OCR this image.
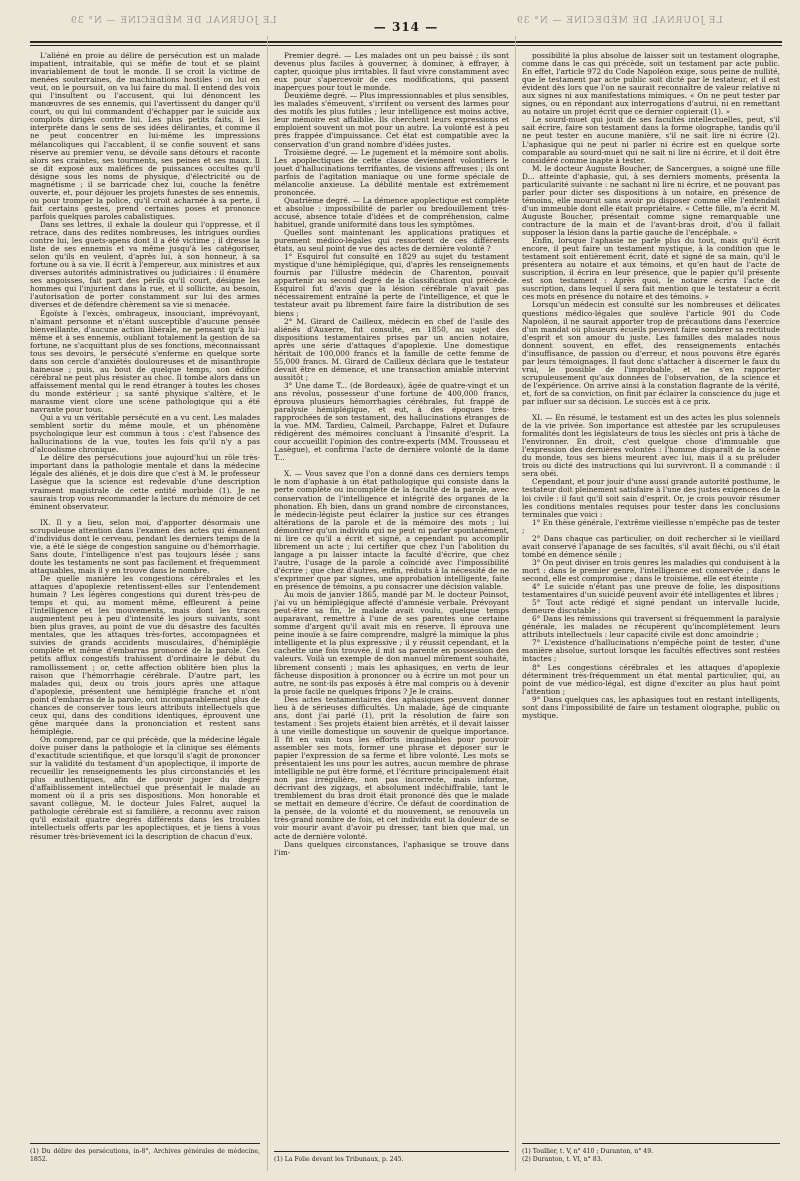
LE JOURNAL DE MÉDECINE — N° 39	— 314 —	LE JOURNAL DE MÉDECINE — N° 39

L'aliéné en proie au délire de persécution est un malade impatient, intraitable, qui se méfie de tout et se plaint invariablement de tout le monde. Il se croit la victime de menées souterraines, de machinations hostiles : on lui en veut, on le poursuit, on va lui faire du mal. Il entend des voix qui l'insultent ou l'accusent, qui lui dénoncent les manœuvres de ses ennemis, qui l'avertissent du danger qu'il court, ou qui lui commandent d'échapper par le suicide aux complots dirigés contre lui. Les plus petits faits, il les interprète dans le sens de ses idées délirantes, et comme il ne peut concentrer en lui-même les impressions mélancoliques qui l'accablent, il se confie souvent et sans réserve au premier venu, se dévoile sans détours et raconte alors ses craintes, ses tourments, ses peines et ses maux. Il se dit exposé aux maléfices de puissances occultes qu'il désigne sous les noms de physique, d'électricité ou de magnétisme ; il se barricade chez lui, couche la fenêtre ouverte, et, pour déjouer les projets funestes de ses ennemis, ou pour tromper la police, qu'il croit acharnée à sa perte, il fait certains gestes, prend certaines poses et prononce parfois quelques paroles cabalistiques.

Dans ses lettres, il exhale la douleur qui l'oppresse, et il retrace, dans des redites nombreuses, les intrigues ourdies contre lui, les guets-apens dont il a été victime ; il dresse la liste de ses ennemis et va même jusqu'à les catégoriser, selon qu'ils en veulent, d'après lui, à son honneur, à sa fortune ou à sa vie. Il écrit à l'empereur, aux ministres et aux diverses autorités administratives ou judiciaires : il énumère ses angoisses, fait part des périls qu'il court, désigne les hommes qui l'injurient dans la rue, et il sollicite, au besoin, l'autorisation de porter constamment sur lui des armes diverses et de défendre chèrement sa vie si menacée.

Égoïste à l'excès, ombrageux, insouciant, imprévoyant, n'aimant personne et n'étant susceptible d'aucune pensée bienveillante, d'aucune action libérale, ne pensant qu'à lui-même et à ses ennemis, oubliant totalement la gestion de sa fortune, ne s'acquittant plus de ses fonctions, méconnaissant tous ses devoirs, le persécuté s'enferme en quelque sorte dans son cercle d'anxiétés douloureuses et de misanthropie haineuse ; puis, au bout de quelque temps, son édifice cérébral ne peut plus résister au choc. Il tombe alors dans un affaissement mental qui le rend étranger à toutes les choses du monde extérieur ; sa santé physique s'altère, et le marasme vient clore une scène pathologique qui a été navrante pour tous.

Qui a vu un véritable persécuté en a vu cent. Les malades semblent sortir du même moule, et un phénomène psychologique leur est commun à tous : c'est l'absence des hallucinations de la vue, toutes les fois qu'il n'y a pas d'alcoolisme chronique.

Le délire des persécutions joue aujourd'hui un rôle très-important dans la pathologie mentale et dans la médecine légale des aliénés, et je dois dire que c'est à M. le professeur Lasègue que la science est redevable d'une description vraiment magistrale de cette entité morbide (1). Je ne saurais trop vous recommander la lecture du mémoire de cet éminent observateur.

IX. Il y a lieu, selon moi, d'apporter désormais une scrupuleuse attention dans l'examen des actes qui émanent d'individus dont le cerveau, pendant les derniers temps de la vie, a été le siége de congestion sanguine ou d'hémorrhagie. Sans doute, l'intelligence n'est pas toujours lésée ; sans doute les testaments ne sont pas facilement et fréquemment attaquables, mais il y en trouve dans le nombre.

De quelle manière les congestions cérébrales et les attaques d'apoplexie retentissent-elles sur l'entendement humain ? Les légères congestions qui durent très-peu de temps et qui, au moment même, effleurent à peine l'intelligence et les mouvements, mais dont les traces augmentent peu à peu d'intensité les jours suivants, sont bien plus graves, au point de vue du désastre des facultés mentales, que les attaques très-fortes, accompagnées et suivies de grands accidents musculaires, d'hémiplégie complète et même d'embarras prononcé de la parole. Ces petits afflux congestifs trahissent d'ordinaire le début du ramollissement ; or, cette affection oblitère bien plus la raison que l'hémorrhagie cérébrale. D'autre part, les malades qui, deux ou trois jours après une attaque d'apoplexie, présentent une hémiplégie franche et n'ont point d'embarras de la parole, ont incomparablement plus de chances de conserver tous leurs attributs intellectuels que ceux qui, dans des conditions identiques, éprouvent une gêne marquée dans la prononciation et restent sans hémiplégie.

On comprend, par ce qui précède, que la médecine légale doive puiser dans la pathologie et la clinique ses éléments d'exactitude scientifique, et que lorsqu'il s'agit de prononcer sur la validité du testament d'un apoplectique, il importe de recueillir les renseignements les plus circonstanciés et les plus authentiques, afin de pouvoir juger du degré d'affaiblissement intellectuel que présentait le malade au moment où il a pris ses dispositions. Mon honorable et savant collègue, M. le docteur Jules Falret, auquel la pathologie cérébrale est si familière, a reconnu avec raison qu'il existait quatre degrés différents dans les troubles intellectuels offerts par les apoplectiques, et je tiens à vous résumer très-brièvement ici la description de chacun d'eux.

(1) Du délire des persécutions, in-8°, Archives générales de médecine, 1852.

Premier degré. — Les malades ont un peu baissé ; ils sont devenus plus faciles à gouverner, à dominer, à effrayer, à capter, quoique plus irritables. Il faut vivre constamment avec eux pour s'apercevoir de ces modifications, qui passent inaperçues pour tout le monde.

Deuxième degré. — Plus impressionnables et plus sensibles, les malades s'émeuvent, s'irritent ou versent des larmes pour des motifs les plus futiles ; leur intelligence est moins active, leur mémoire est affaiblie. Ils cherchent leurs expressions et emploient souvent un mot pour un autre. La volonté est à peu près frappée d'impuissance. Cet état est compatible avec la conservation d'un grand nombre d'idées justes.

Troisième degré. — Le jugement et la mémoire sont abolis. Les apoplectiques de cette classe deviennent volontiers le jouet d'hallucinations terrifiantes, de visions affreuses ; ils ont parfois de l'agitation maniaque ou une forme spéciale de mélancolie anxieuse. La débilité mentale est extrêmement prononcée.

Quatrième degré. — La démence apoplectique est complète et absolue : impossibilité de parler ou bredouillement très-accusé, absence totale d'idées et de compréhension, calme habituel, grande uniformité dans tous les symptômes.

Quelles sont maintenant les applications pratiques et purement médico-légales qui ressortent de ces différents états, au seul point de vue des actes de dernière volonté ?

1° Esquirol fut consulté en 1829 au sujet du testament mystique d'une hémiplégique, qui, d'après les renseignements fournis par l'illustre médecin de Charenton, pouvait appartenir au second degré de la classification qui précède. Esquirol fut d'avis que la lésion cérébrale n'avait pas nécessairement entraîné la perte de l'intelligence, et que le testateur avait pu librement faire faire la distribution de ses biens ;

2° M. Girard de Cailleux, médecin en chef de l'asile des aliénés d'Auxerre, fut consulté, en 1850, au sujet des dispositions testamentaires prises par un ancien notaire, après une série d'attaques d'apoplexie. Une domestique héritait de 100,000 francs et la famille de cette femme de 55,000 francs. M. Girard de Cailleux déclara que le testateur devait être en démence, et une transaction amiable intervint aussitôt ;

3° Une dame T... (de Bordeaux), âgée de quatre-vingt et un ans révolus, possesseur d'une fortune de 400,000 francs, éprouva plusieurs hémorrhagies cérébrales, fut frappé de paralysie hémiplégique, et eut, à des époques très-rapprochées de son testament, des hallucinations étranges de la vue. MM. Tardieu, Calmeil, Parchappe, Falret et Dufaure rédigèrent des mémoires concluant à l'insanité d'esprit. La cour accueillit l'opinion des contre-experts (MM. Trousseau et Lasègue), et confirma l'acte de dernière volonté de la dame T...

X. — Vous savez que l'on a donné dans ces derniers temps le nom d'aphasie à un état pathologique qui consiste dans la perte complète ou incomplète de la faculté de la parole, avec conservation de l'intelligence et intégrité des organes de la phonation. Eh bien, dans un grand nombre de circonstances, le médecin-légiste peut éclairer la justice sur ces étranges altérations de la parole et de la mémoire des mots ; lui démontrer qu'un individu qui ne peut ni parler spontanément, ni lire ce qu'il a écrit et signé, a cependant pu accomplir librement un acte ; lui certifier que chez l'un l'abolition du langage a pu laisser intacte la faculté d'écrire, que chez l'autre, l'usage de la parole a coïncidé avec l'impossibilité d'écrire ; que chez d'autres, enfin, réduits à la nécessité de ne s'exprimer que par signes, une approbation intelligente, faite en présence de témoins, a pu consacrer une décision valable.

Au mois de janvier 1865, mandé par M. le docteur Poinsot, j'ai vu un hémiplégique affecté d'amnésie verbale. Prévoyant peut-être sa fin, le malade avait voulu, quelque temps auparavant, remettre à l'une de ses parentes une certaine somme d'argent qu'il avait mis en réserve. Il éprouva une peine inouïe à se faire comprendre, malgré la mimique la plus intelligente et la plus expressive ; il y réussit cependant, et la cachette une fois trouvée, il mit sa parente en possession des valeurs. Voilà un exemple de don manuel mûrement souhaité, librement consenti ; mais les aphasiques, en vertu de leur fâcheuse disposition à prononcer ou à écrire un mot pour un autre, ne sont-ils pas exposés à être mal compris ou à devenir la proie facile ne quelques fripons ? Je le crains.

Des actes testamentaires des aphasiques peuvent donner lieu à de sérieuses difficultés. Un malade, âgé de cinquante ans, dont j'ai parlé (1), prit la résolution de faire son testament : Ses projets étaient bien arrêtés, et il devait laisser à une vieille domestique un souvenir de quelque importance. Il fit en vain tous les efforts imaginables pour pouvoir assembler ses mots, former une phrase et déposer sur le papier l'expression de sa ferme et libre volonté. Les mots se présentaient les uns pour les autres, aucun membre de phrase intelligible ne put être formé, et l'écriture principalement était non pas irrégulière, non pas incorrecte, mais informe, décrivant des zigzags, et absolument indéchiffrable, tant le tremblement du bras droit était prononcé dès que le malade se mettait en demeure d'écrire. Ce défaut de coordination de la pensée, de la volonté et du mouvement, se renouvela un très-grand nombre de fois, et cet individu eut la douleur de se voir mourir avant d'avoir pu dresser, tant bien que mal, un acte de dernière volonté.

Dans quelques circonstances, l'aphasique se trouve dans l'im-

(1) La Folie devant les Tribunaux, p. 245.

possibilité la plus absolue de laisser soit un testament olographe, comme dans le cas qui précède, soit un testament par acte public. En effet, l'article 972 du Code Napoléon exige, sous peine de nullité, que le testament par acte public soit dicté par le testateur, et il est évident dès lors que l'on ne saurait reconnaître de valeur relative ni aux signes ni aux manifestations mimiques. « On ne peut tester par signes, ou en répondant aux interrogations d'autrui, ni en remettant au notaire un projet écrit que ce dernier copierait (1). »

Le sourd-muet qui jouit de ses facultés intellectuelles, peut, s'il sait écrire, faire son testament dans la forme olographe, tandis qu'il ne peut tester en aucune manière, s'il ne sait lire ni écrire (2). L'aphasique qui ne peut ni parler ni écrire est en quelque sorte comparable au sourd-muet qui ne sait ni lire ni écrire, et il doit être considéré comme inapte à tester.

M. le docteur Auguste Boucher, de Sancergues, a soigné une fille D... atteinte d'aphasie, qui, à ses derniers moments, présenta la particularité suivante : ne sachant ni lire ni écrire, et ne pouvant pas parler pour dicter ses dispositions à un notaire, en présence de témoins, elle mourut sans avoir pu disposer comme elle l'entendait d'un immeuble dont elle était propriétaire. « Cette fille, m'a écrit M. Auguste Boucher, présentait comme signe remarquable une contracture de la main et de l'avant-bras droit, d'où il fallait supposer la lésion dans la partie gauche de l'encéphale. »

Enfin, lorsque l'aphasie ne parle plus du tout, mais qu'il écrit encore, il peut faire un testament mystique, à la condition que le testament soit entièrement écrit, daté et signé de sa main, qu'il le présentera au notaire et aux témoins, et qu'en haut de l'acte de suscription, il écrira en leur présence, que le papier qu'il présente est son testament : Après quoi, le notaire écrira l'acte de suscription, dans lequel il sera fait mention que le testateur a écrit ces mots en présence du notaire et des témoins. »

Lorsqu'un médecin est consulté sur les nombreuses et délicates questions médico-légales que soulève l'article 901 du Code Napoléon, il ne saurait apporter trop de précautions dans l'exercice d'un mandat où plusieurs écueils peuvent faire sombrer sa rectitude d'esprit et son amour du juste. Les familles des malades nous donnent souvent, en effet, des renseignements entachés d'insuffisance, de passion ou d'erreur, et nous pouvons être égarés par leurs témoignages. Il faut donc s'attacher à discerner le faux du vrai, le possible de l'improbable, et ne s'en rapporter scrupuleusement qu'aux données de l'observation, de la science et de l'expérience. On arrive ainsi à la constation flagrante de la vérité, et, fort de sa conviction, on finit par éclairer la conscience du juge et par influer sur sa décision. Le succès est à ce prix.

XI. — En résumé, le testament est un des actes les plus solennels de la vie privée. Son importance est attestée par les scrupuleuses formalités dont les législateurs de tous les siècles ont pris à tâche de l'environner. En droit, c'est quelque chose d'immuable que l'expression des dernières volontés : l'homme disparaît de la scène du monde, tous ses biens meurent avec lui, mais il a su préluder trois ou dicté des instructions qui lui survivront. Il a commandé : il sera obéi.

Cependant, et pour jouir d'une aussi grande autorité posthume, le testateur doit pleinement satisfaire à l'une des justes exigences de la loi civile : il faut qu'il soit sain d'esprit. Or, je crois pouvoir résumer les conditions mentales requises pour tester dans les conclusions terminales que voici :

1° En thèse générale, l'extrême vieillesse n'empêche pas de tester ;

2° Dans chaque cas particulier, on doit rechercher si le vieillard avait conservé l'apanage de ses facultés, s'il avait fléchi, ou s'il était tombé en démence sénile ;

3° On peut diviser en trois genres les maladies qui conduisent à la mort : dans le premier genre, l'intelligence est conservée ; dans le second, elle est compromise ; dans le troisième, elle est éteinte ;

4° Le suicide n'étant pas une preuve de folie, les dispositions testamentaires d'un suicidé peuvent avoir été intelligentes et libres ;

5° Tout acte rédigé et signé pendant un intervalle lucide, demeure discutable ;

6° Dans les rémissions qui traversent si fréquemment la paralysie générale, les malades ne récupèrent qu'incomplètement leurs attributs intellectuels : leur capacité civile est donc amoindrie ;

7° L'existence d'hallucinations n'empêche point de tester, d'une manière absolue, surtout lorsque les facultés effectives sont restées intactes ;

8° Les congestions cérébrales et les attaques d'apoplexie déterminent très-fréquemment un état mental particulier, qui, au point de vue médico-légal, est digne d'exciter au plus haut point l'attention ;

9° Dans quelques cas, les aphasiques tout en restant intelligents, sont dans l'impossibilité de faire un testament olographe, public ou mystique.

(1) Toullier, t. V, n° 410 ; Duranton, n° 49.
(2) Duranton, t. VI, n° 83.
